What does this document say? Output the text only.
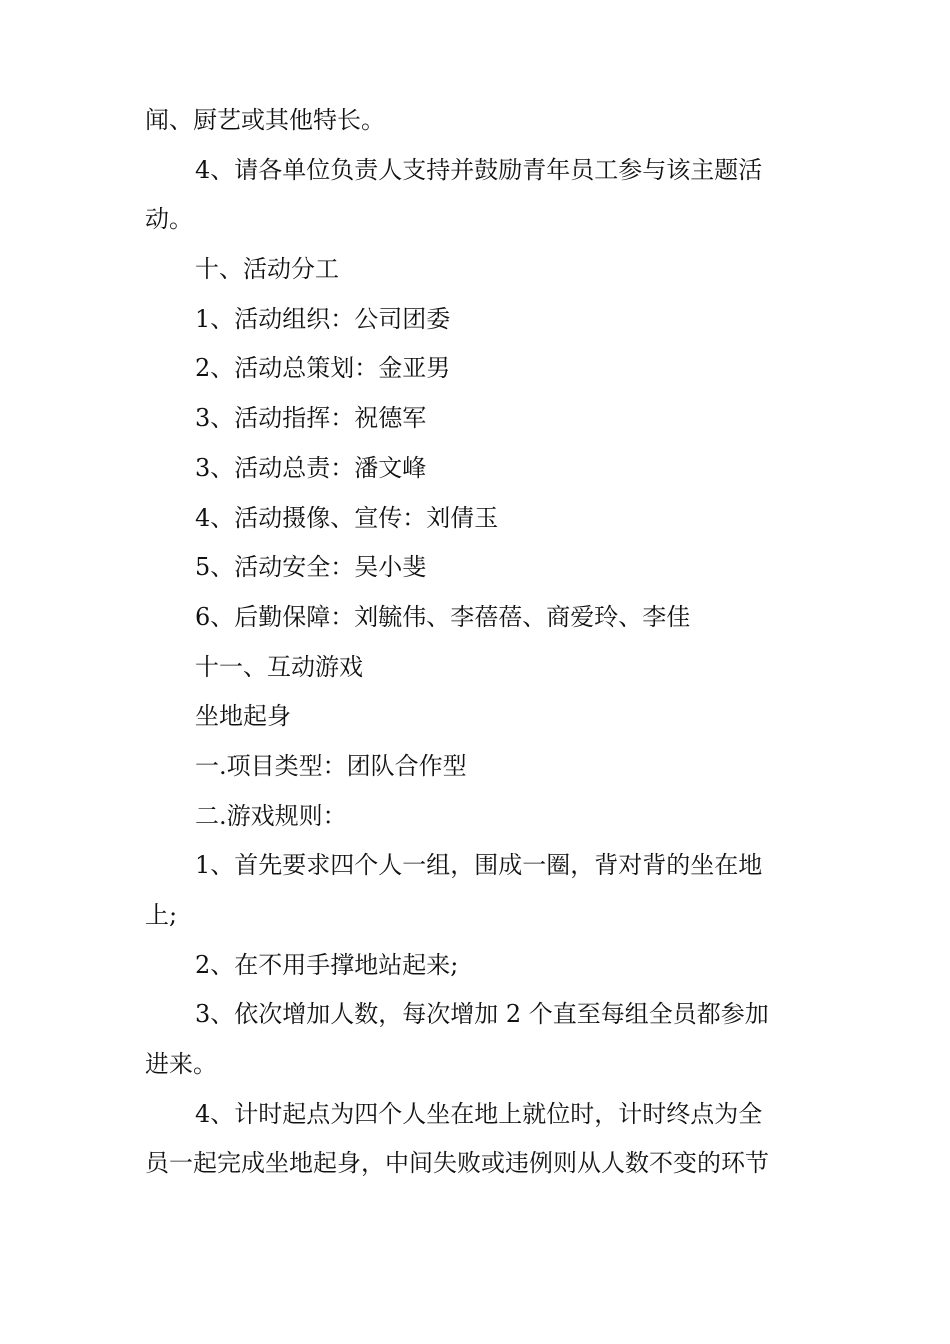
闻、厨艺或其他特长。
4、请各单位负责人支持并鼓励青年员工参与该主题活
动。
十、活动分工
1、活动组织：公司团委
2、活动总策划：金亚男
3、活动指挥：祝德军
3、活动总责：潘文峰
4、活动摄像、宣传：刘倩玉
5、活动安全：吴小斐
6、后勤保障：刘毓伟、李蓓蓓、商爱玲、李佳
十一、互动游戏
坐地起身
一.项目类型：团队合作型
二.游戏规则：
1、首先要求四个人一组，围成一圈，背对背的坐在地
上;
2、在不用手撑地站起来;
3、依次增加人数，每次增加 2 个直至每组全员都参加
进来。
4、计时起点为四个人坐在地上就位时，计时终点为全
员一起完成坐地起身，中间失败或违例则从人数不变的环节
